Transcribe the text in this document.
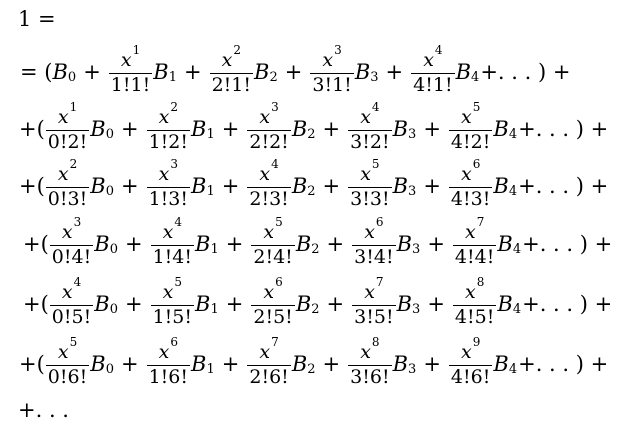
1 =
= ( $B_0 + \frac{x^1}{1!1!} B_1 + \frac{x^2}{2!1!} B_2 + \frac{x^3}{3!1!} B_3 + \frac{x^4}{4!1!} B_4$ +. . . ) +
+( $\frac{x^1}{0!2!} B_0 + \frac{x^2}{1!2!} B_1 + \frac{x^3}{2!2!} B_2 + \frac{x^4}{3!2!} B_3 + \frac{x^5}{4!2!} B_4$ +. . . ) +
+( $\frac{x^2}{0!3!} B_0 + \frac{x^3}{1!3!} B_1 + \frac{x^4}{2!3!} B_2 + \frac{x^5}{3!3!} B_3 + \frac{x^6}{4!3!} B_4$ +. . . ) +
+( $\frac{x^3}{0!4!} B_0 + \frac{x^4}{1!4!} B_1 + \frac{x^5}{2!4!} B_2 + \frac{x^6}{3!4!} B_3 + \frac{x^7}{4!4!} B_4$ +. . . ) +
+( $\frac{x^4}{0!5!} B_0 + \frac{x^5}{1!5!} B_1 + \frac{x^6}{2!5!} B_2 + \frac{x^7}{3!5!} B_3 + \frac{x^8}{4!5!} B_4$ +. . . ) +
+( $\frac{x^5}{0!6!} B_0 + \frac{x^6}{1!6!} B_1 + \frac{x^7}{2!6!} B_2 + \frac{x^8}{3!6!} B_3 + \frac{x^9}{4!6!} B_4$ +. . . ) +
+. . .
